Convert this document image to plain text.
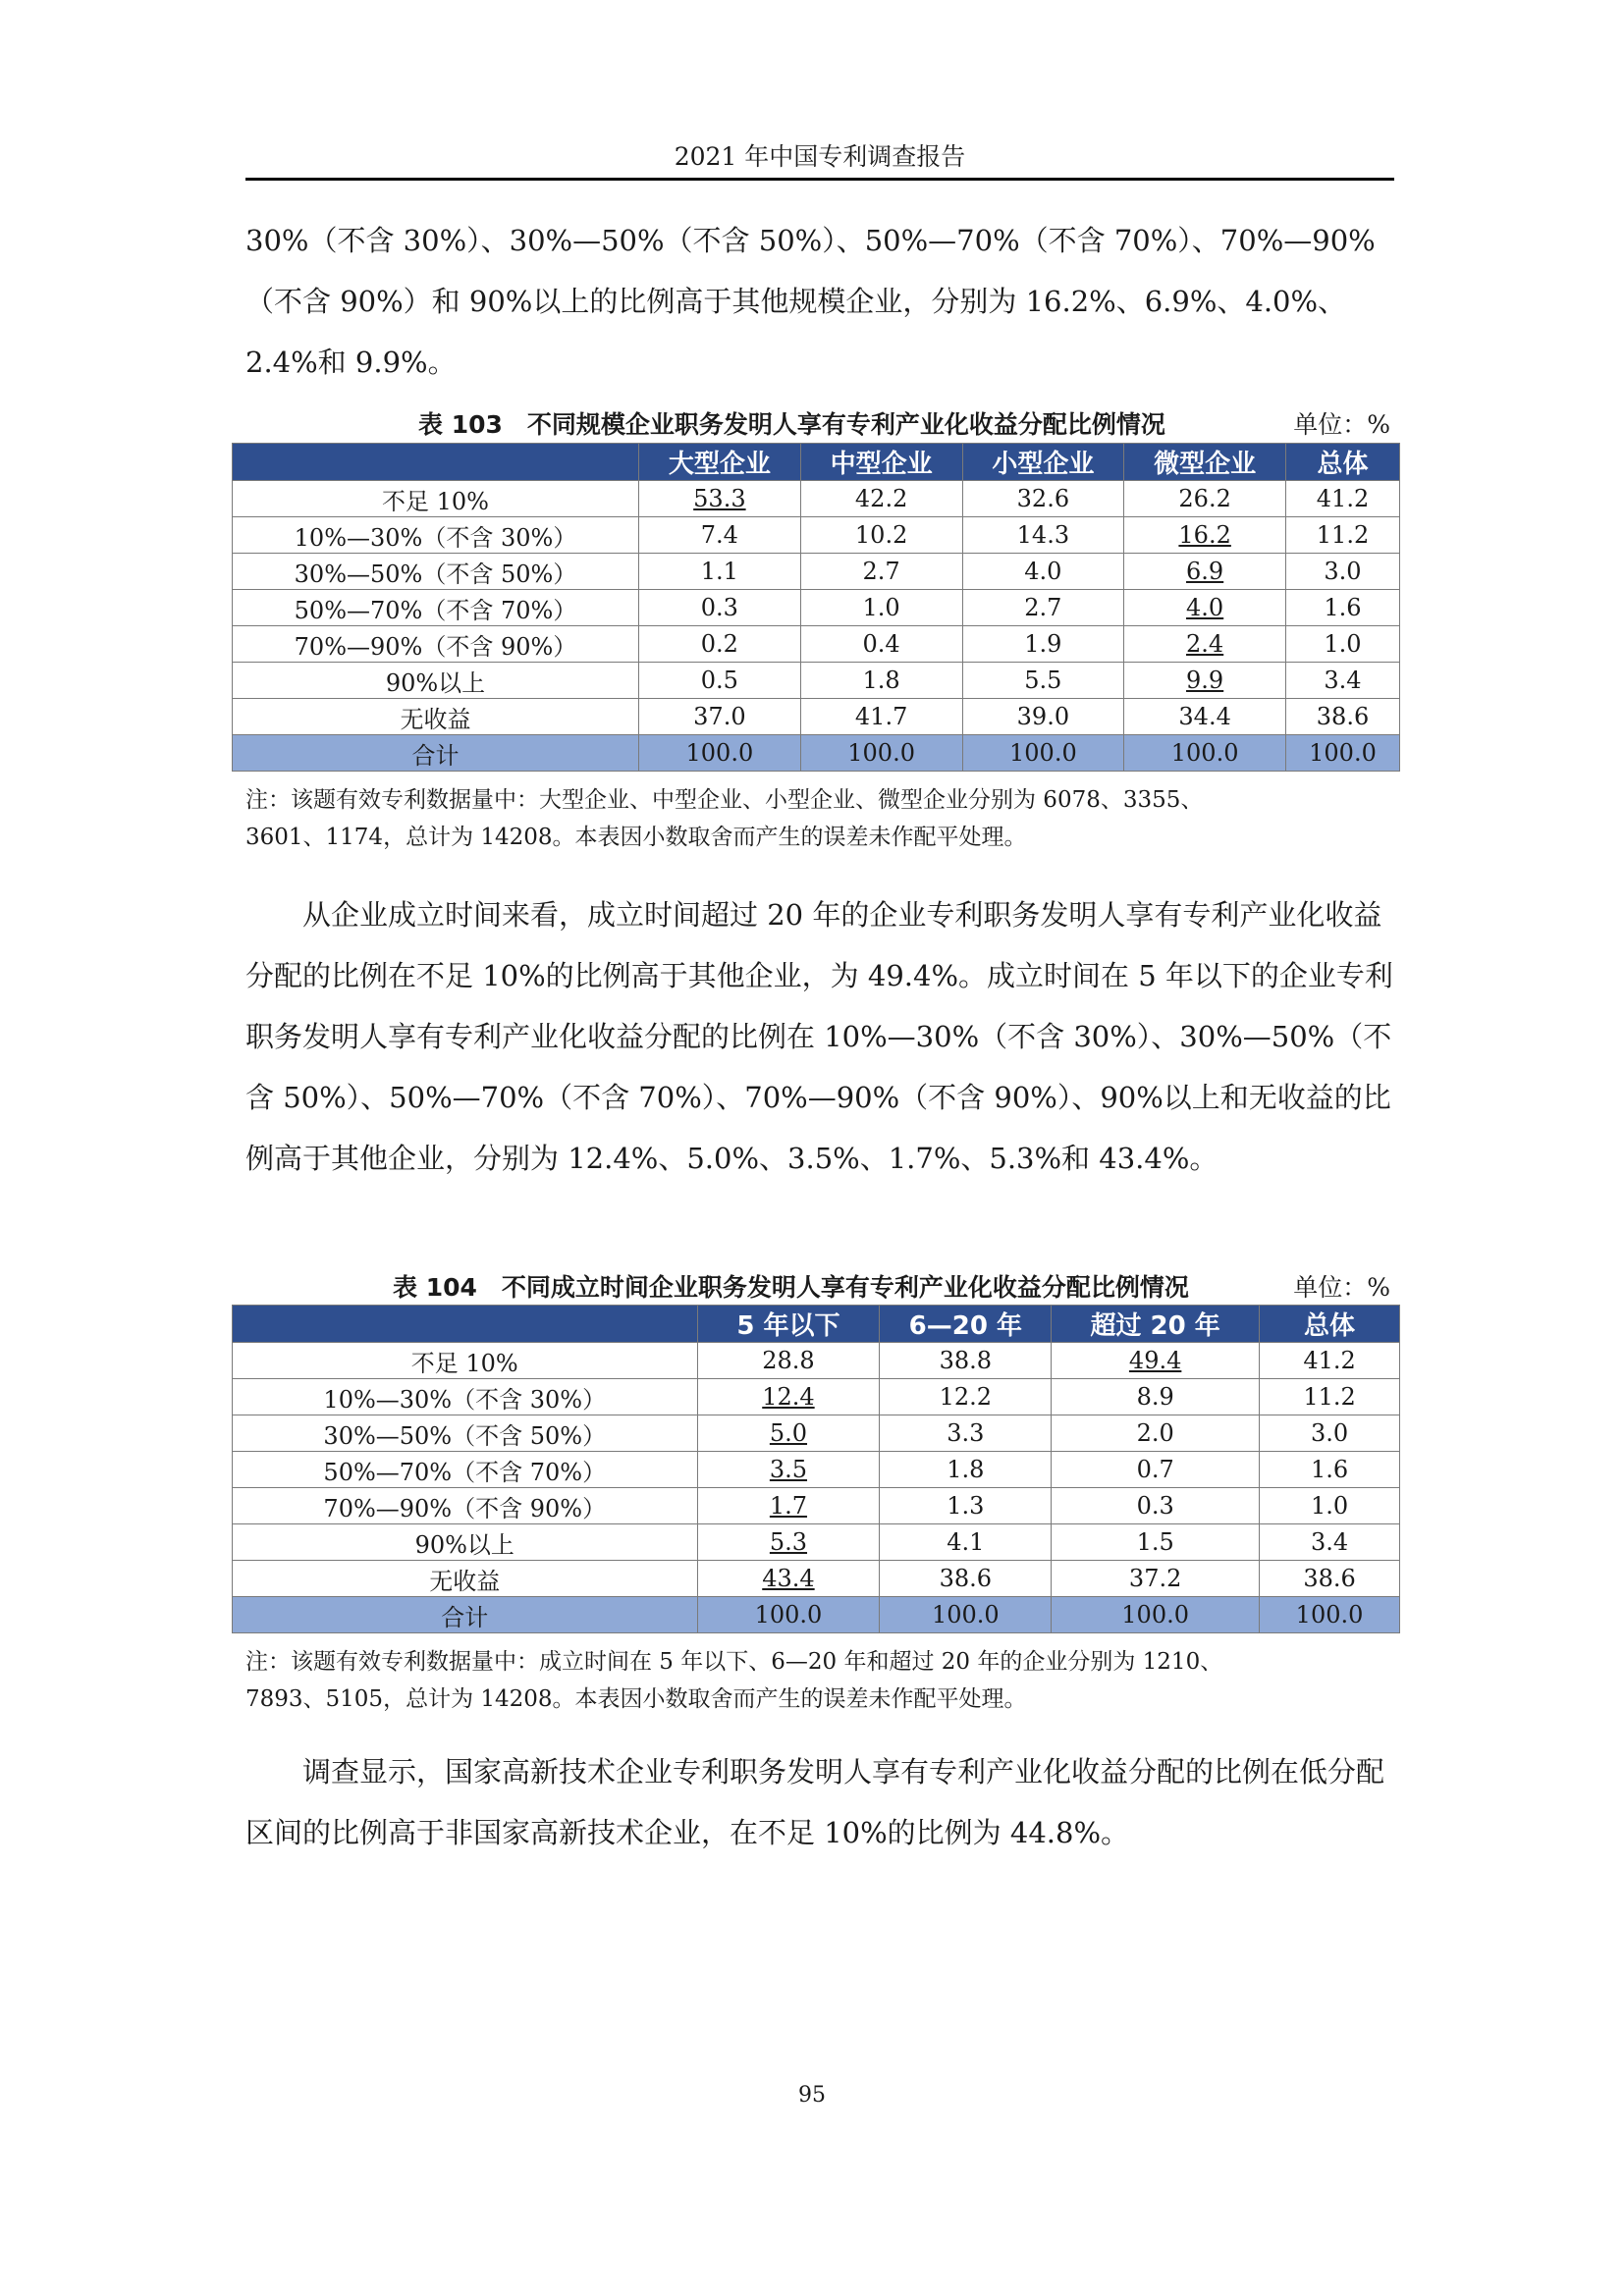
2021 年中国专利调查报告

30%（不含 30%）、30%—50%（不含 50%）、50%—70%（不含 70%）、70%—90%（不含 90%）和 90%以上的比例高于其他规模企业，分别为 16.2%、6.9%、4.0%、2.4%和 9.9%。

表 103　不同规模企业职务发明人享有专利产业化收益分配比例情况	单位：%
	大型企业	中型企业	小型企业	微型企业	总体
不足 10%	53.3	42.2	32.6	26.2	41.2
10%—30%（不含 30%）	7.4	10.2	14.3	16.2	11.2
30%—50%（不含 50%）	1.1	2.7	4.0	6.9	3.0
50%—70%（不含 70%）	0.3	1.0	2.7	4.0	1.6
70%—90%（不含 90%）	0.2	0.4	1.9	2.4	1.0
90%以上	0.5	1.8	5.5	9.9	3.4
无收益	37.0	41.7	39.0	34.4	38.6
合计	100.0	100.0	100.0	100.0	100.0
注：该题有效专利数据量中：大型企业、中型企业、小型企业、微型企业分别为 6078、3355、
3601、1174，总计为 14208。本表因小数取舍而产生的误差未作配平处理。

从企业成立时间来看，成立时间超过 20 年的企业专利职务发明人享有专利产业化收益分配的比例在不足 10%的比例高于其他企业，为 49.4%。成立时间在 5 年以下的企业专利职务发明人享有专利产业化收益分配的比例在 10%—30%（不含 30%）、30%—50%（不含 50%）、50%—70%（不含 70%）、70%—90%（不含 90%）、90%以上和无收益的比例高于其他企业，分别为 12.4%、5.0%、3.5%、1.7%、5.3%和 43.4%。

表 104　不同成立时间企业职务发明人享有专利产业化收益分配比例情况	单位：%
	5 年以下	6—20 年	超过 20 年	总体
不足 10%	28.8	38.8	49.4	41.2
10%—30%（不含 30%）	12.4	12.2	8.9	11.2
30%—50%（不含 50%）	5.0	3.3	2.0	3.0
50%—70%（不含 70%）	3.5	1.8	0.7	1.6
70%—90%（不含 90%）	1.7	1.3	0.3	1.0
90%以上	5.3	4.1	1.5	3.4
无收益	43.4	38.6	37.2	38.6
合计	100.0	100.0	100.0	100.0
注：该题有效专利数据量中：成立时间在 5 年以下、6—20 年和超过 20 年的企业分别为 1210、
7893、5105，总计为 14208。本表因小数取舍而产生的误差未作配平处理。

调查显示，国家高新技术企业专利职务发明人享有专利产业化收益分配的比例在低分配区间的比例高于非国家高新技术企业，在不足 10%的比例为 44.8%。

95
